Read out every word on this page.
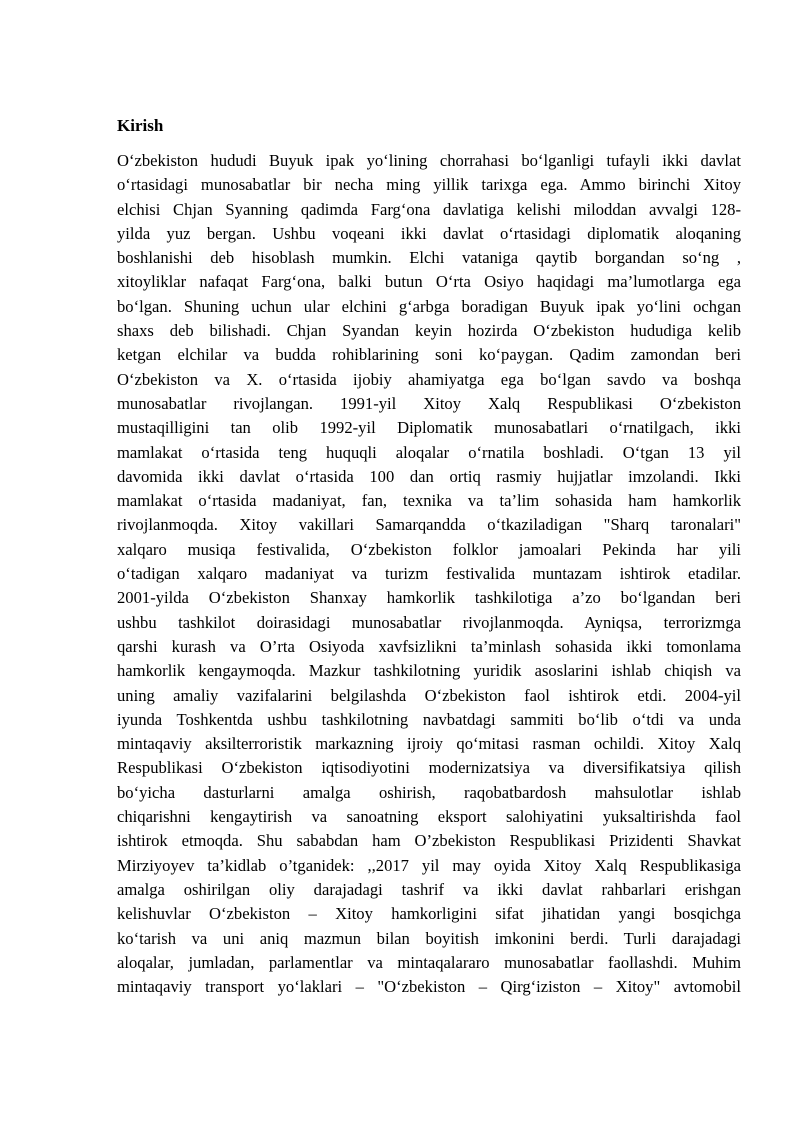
Kirish
O‘zbekiston hududi Buyuk ipak yo‘lining chorrahasi bo‘lganligi tufayli ikki davlat
o‘rtasidagi munosabatlar bir necha ming yillik tarixga ega. Ammo birinchi Xitoy
elchisi Chjan Syanning qadimda Farg‘ona davlatiga kelishi miloddan avvalgi 128-
yilda yuz bergan. Ushbu voqeani ikki davlat o‘rtasidagi diplomatik aloqaning
boshlanishi deb hisoblash mumkin. Elchi vataniga qaytib borgandan so‘ng ,
xitoyliklar nafaqat Farg‘ona, balki butun O‘rta Osiyo haqidagi ma’lumotlarga ega
bo‘lgan. Shuning uchun ular elchini g‘arbga boradigan Buyuk ipak yo‘lini ochgan
shaxs deb bilishadi. Chjan Syandan keyin hozirda O‘zbekiston hududiga kelib
ketgan elchilar va budda rohiblarining soni ko‘paygan. Qadim zamondan beri
O‘zbekiston va X. o‘rtasida ijobiy ahamiyatga ega bo‘lgan savdo va boshqa
munosabatlar rivojlangan. 1991-yil Xitoy Xalq Respublikasi O‘zbekiston
mustaqilligini tan olib 1992-yil Diplomatik munosabatlari o‘rnatilgach, ikki
mamlakat o‘rtasida teng huquqli aloqalar o‘rnatila boshladi. O‘tgan 13 yil
davomida ikki davlat o‘rtasida 100 dan ortiq rasmiy hujjatlar imzolandi. Ikki
mamlakat o‘rtasida madaniyat, fan, texnika va ta’lim sohasida ham hamkorlik
rivojlanmoqda. Xitoy vakillari Samarqandda o‘tkaziladigan "Sharq taronalari"
xalqaro musiqa festivalida, O‘zbekiston folklor jamoalari Pekinda har yili
o‘tadigan xalqaro madaniyat va turizm festivalida muntazam ishtirok etadilar.
2001-yilda O‘zbekiston Shanxay hamkorlik tashkilotiga a’zo bo‘lgandan beri
ushbu tashkilot doirasidagi munosabatlar rivojlanmoqda. Ayniqsa, terrorizmga
qarshi kurash va O’rta Osiyoda xavfsizlikni ta’minlash sohasida ikki tomonlama
hamkorlik kengaymoqda. Mazkur tashkilotning yuridik asoslarini ishlab chiqish va
uning amaliy vazifalarini belgilashda O‘zbekiston faol ishtirok etdi. 2004-yil
iyunda Toshkentda ushbu tashkilotning navbatdagi sammiti bo‘lib o‘tdi va unda
mintaqaviy aksilterroristik markazning ijroiy qo‘mitasi rasman ochildi. Xitoy Xalq
Respublikasi O‘zbekiston iqtisodiyotini modernizatsiya va diversifikatsiya qilish
bo‘yicha dasturlarni amalga oshirish, raqobatbardosh mahsulotlar ishlab
chiqarishni kengaytirish va sanoatning eksport salohiyatini yuksaltirishda faol
ishtirok etmoqda. Shu sababdan ham O’zbekiston Respublikasi Prizidenti Shavkat
Mirziyoyev ta’kidlab o’tganidek: ,,2017 yil may oyida Xitoy Xalq Respublikasiga
amalga oshirilgan oliy darajadagi tashrif va ikki davlat rahbarlari erishgan
kelishuvlar O‘zbekiston – Xitoy hamkorligini sifat jihatidan yangi bosqichga
ko‘tarish va uni aniq mazmun bilan boyitish imkonini berdi. Turli darajadagi
aloqalar, jumladan, parlamentlar va mintaqalararo munosabatlar faollashdi. Muhim
mintaqaviy transport yo‘laklari – "O‘zbekiston – Qirg‘iziston – Xitoy" avtomobil
